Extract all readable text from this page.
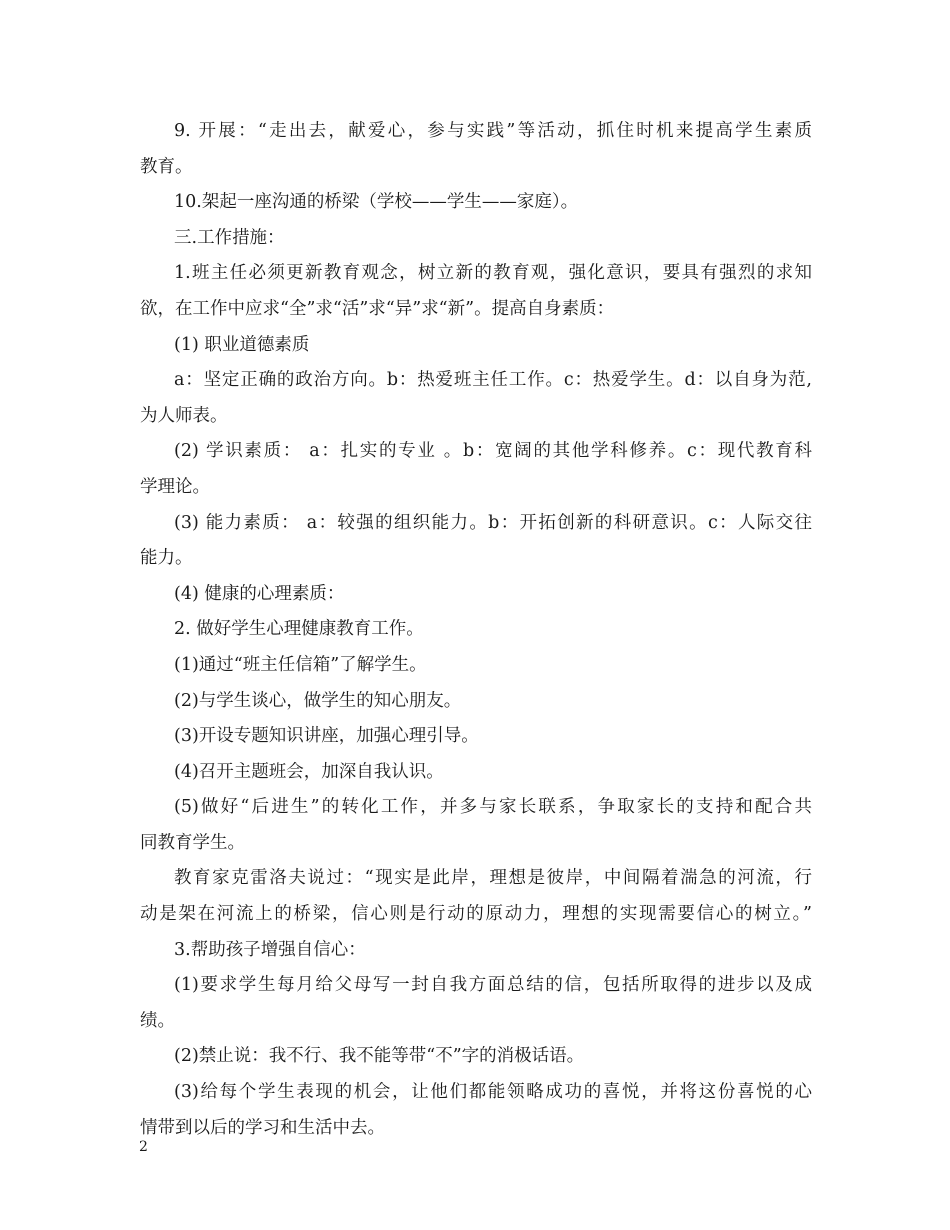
9. 开展：“走出去，献爱心，参与实践”等活动，抓住时机来提高学生素质
教育。
10.架起一座沟通的桥梁（学校——学生——家庭）。
三.工作措施：
1.班主任必须更新教育观念，树立新的教育观，强化意识，要具有强烈的求知
欲，在工作中应求“全”求“活”求“异”求“新”。提高自身素质：
(1) 职业道德素质
a：坚定正确的政治方向。b：热爱班主任工作。c：热爱学生。d：以自身为范,
为人师表。
(2) 学识素质： a：扎实的专业 。b：宽阔的其他学科修养。c：现代教育科
学理论。
(3) 能力素质： a：较强的组织能力。b：开拓创新的科研意识。c：人际交往
能力。
(4) 健康的心理素质：
2. 做好学生心理健康教育工作。
(1)通过“班主任信箱”了解学生。
(2)与学生谈心，做学生的知心朋友。
(3)开设专题知识讲座，加强心理引导。
(4)召开主题班会，加深自我认识。
(5)做好“后进生”的转化工作，并多与家长联系，争取家长的支持和配合共
同教育学生。
教育家克雷洛夫说过：“现实是此岸，理想是彼岸，中间隔着湍急的河流，行
动是架在河流上的桥梁，信心则是行动的原动力，理想的实现需要信心的树立。”
3.帮助孩子增强自信心：
(1)要求学生每月给父母写一封自我方面总结的信，包括所取得的进步以及成
绩。
(2)禁止说：我不行、我不能等带“不”字的消极话语。
(3)给每个学生表现的机会，让他们都能领略成功的喜悦，并将这份喜悦的心
情带到以后的学习和生活中去。
2
